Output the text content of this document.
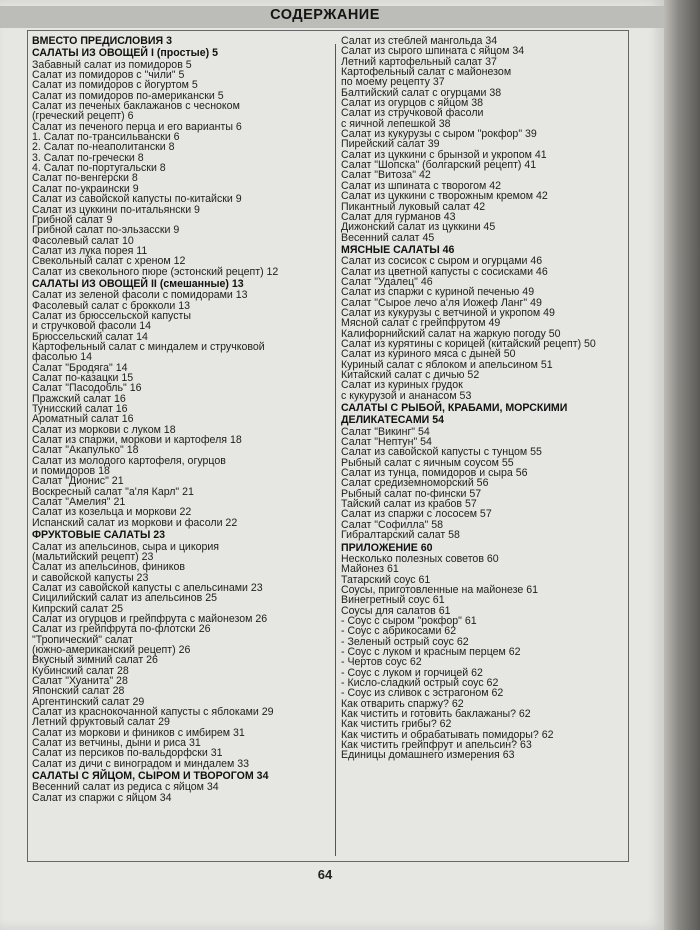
СОДЕРЖАНИЕ
ВМЕСТО ПРЕДИСЛОВИЯ 3
САЛАТЫ ИЗ ОВОЩЕЙ I (простые) 5
Забавный салат из помидоров 5
Салат из помидоров с "чили" 5
Салат из помидоров с йогуртом 5
Салат из помидоров по-американски 5
Салат из печеных баклажанов с чесноком
(греческий рецепт) 6
Салат из печеного перца и его варианты 6
1. Салат по-трансильвански 6
2. Салат по-неаполитански 8
3. Салат по-гречески 8
4. Салат по-португальски 8
Салат по-венгерски 8
Салат по-украински 9
Салат из савойской капусты по-китайски 9
Салат из цуккини по-итальянски 9
Грибной салат 9
Грибной салат по-эльзасски 9
Фасолевый салат 10
Салат из лука порея 11
Свекольный салат с хреном 12
Салат из свекольного пюре (эстонский рецепт) 12
САЛАТЫ ИЗ ОВОЩЕЙ II (смешанные) 13
Салат из зеленой фасоли с помидорами 13
Фасолевый салат с брокколи 13
Салат из брюссельской капусты
и стручковой фасоли 14
Брюссельский салат 14
Картофельный салат с миндалем и стручковой
фасолью 14
Салат "Бродяга" 14
Салат по-казацки 15
Салат "Пасодобль" 16
Пражский салат 16
Тунисский салат 16
Ароматный салат 16
Салат из моркови с луком 18
Салат из спаржи, моркови и картофеля 18
Салат "Акапулько" 18
Салат из молодого картофеля, огурцов
и помидоров 18
Салат "Дионис" 21
Воскресный салат "а'ля Карл" 21
Салат "Амелия" 21
Салат из козельца и моркови 22
Испанский салат из моркови и фасоли 22
ФРУКТОВЫЕ САЛАТЫ 23
Салат из апельсинов, сыра и цикория
(мальтийский рецепт) 23
Салат из апельсинов, фиников
и савойской капусты 23
Салат из савойской капусты с апельсинами 23
Сицилийский салат из апельсинов 25
Кипрский салат 25
Салат из огурцов и грейпфрута с майонезом 26
Салат из грейпфрута по-флотски 26
"Тропический" салат
(южно-американский рецепт) 26
Вкусный зимний салат 26
Кубинский салат 28
Салат "Хуанита" 28
Японский салат 28
Аргентинский салат 29
Салат из краснокочанной капусты с яблоками 29
Летний фруктовый салат 29
Салат из моркови и фиников с имбирем 31
Салат из ветчины, дыни и риса 31
Салат из персиков по-вальдорфски 31
Салат из дичи с виноградом и миндалем 33
САЛАТЫ С ЯЙЦОМ, СЫРОМ И ТВОРОГОМ 34
Весенний салат из редиса с яйцом 34
Салат из спаржи с яйцом 34
Салат из стеблей мангольда 34
Салат из сырого шпината с яйцом 34
Летний картофельный салат 37
Картофельный салат с майонезом
по моему рецепту 37
Балтийский салат с огурцами 38
Салат из огурцов с яйцом 38
Салат из стручковой фасоли
с яичной лепешкой 38
Салат из кукурузы с сыром "рокфор" 39
Пирейский салат 39
Салат из цуккини с брынзой и укропом 41
Салат "Шопска" (болгарский рецепт) 41
Салат "Витоза" 42
Салат из шпината с творогом 42
Салат из цуккини с творожным кремом 42
Пикантный луковый салат 42
Салат для гурманов 43
Дижонский салат из цуккини 45
Весенний салат 45
МЯСНЫЕ САЛАТЫ 46
Салат из сосисок с сыром и огурцами 46
Салат из цветной капусты с сосисками 46
Салат "Удалец" 46
Салат из спаржи с куриной печенью 49
Салат "Сырое лечо а'ля Иожеф Ланг" 49
Салат из кукурузы с ветчиной и укропом 49
Мясной салат с грейпфрутом 49
Калифорнийский салат на жаркую погоду 50
Салат из курятины с корицей (китайский рецепт) 50
Салат из куриного мяса с дыней 50
Куриный салат с яблоком и апельсином 51
Китайский салат с дичью 52
Салат из куриных грудок
с кукурузой и ананасом 53
САЛАТЫ С РЫБОЙ, КРАБАМИ, МОРСКИМИ
ДЕЛИКАТЕСАМИ 54
Салат "Викинг" 54
Салат "Нептун" 54
Салат из савойской капусты с тунцом 55
Рыбный салат с яичным соусом 55
Салат из тунца, помидоров и сыра 56
Салат средиземноморский 56
Рыбный салат по-фински 57
Тайский салат из крабов 57
Салат из спаржи с лососем 57
Салат "Софилла" 58
Гибралтарский салат 58
ПРИЛОЖЕНИЕ 60
Несколько полезных советов 60
Майонез 61
Татарский соус 61
Соусы, приготовленные на майонезе 61
Винегретный соус 61
Соусы для салатов 61
- Соус с сыром "рокфор" 61
- Соус с абрикосами 62
- Зеленый острый соус 62
- Соус с луком и красным перцем 62
- Чертов соус 62
- Соус с луком и горчицей 62
- Кисло-сладкий острый соус 62
- Соус из сливок с эстрагоном 62
Как отварить спаржу? 62
Как чистить и готовить баклажаны? 62
Как чистить грибы? 62
Как чистить и обрабатывать помидоры? 62
Как чистить грейпфрут и апельсин? 63
Единицы домашнего измерения 63
64
